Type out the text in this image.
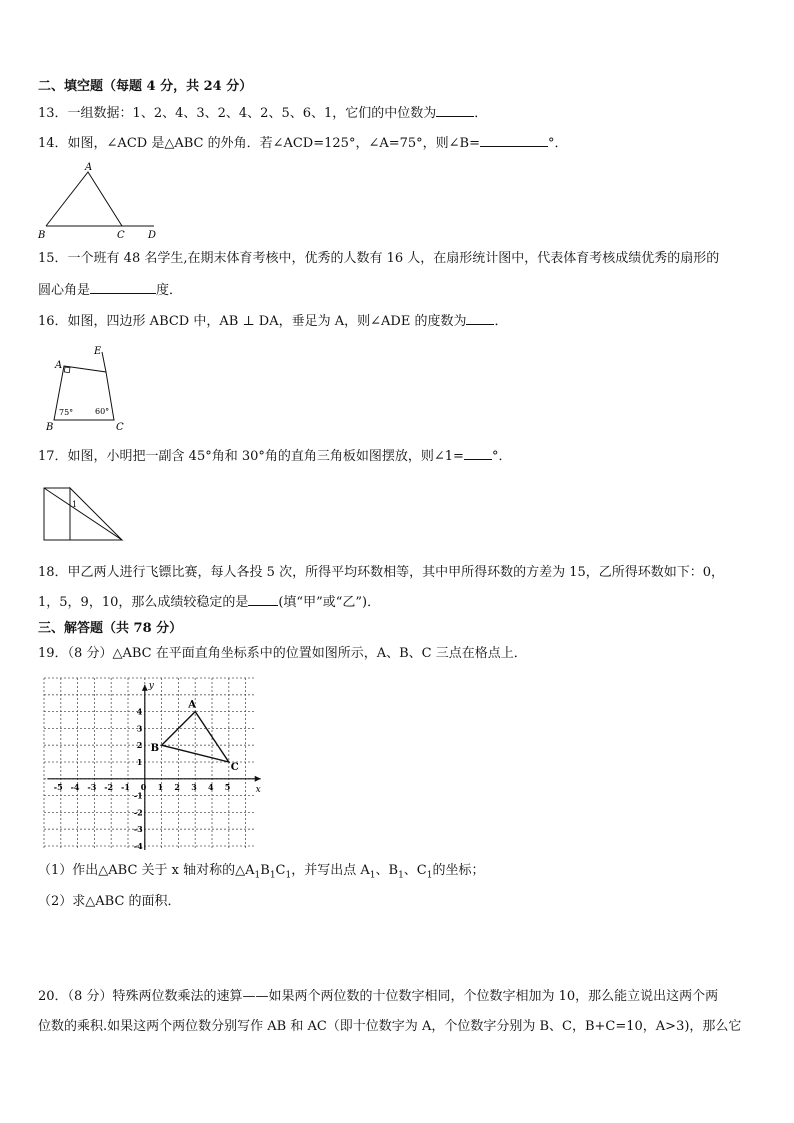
二、填空题（每题 4 分，共 24 分）
13．一组数据：1、2、4、3、2、4、2、5、6、1，它们的中位数为	．
14．如图，∠ACD 是△ABC 的外角．若∠ACD=125°，∠A=75°，则∠B=	°．
A
B	C D
15．一个班有 48 名学生,在期末体育考核中，优秀的人数有 16 人，在扇形统计图中，代表体育考核成绩优秀的扇形的
圆心角是	度．
16．如图，四边形 ABCD 中，AB ⊥ DA，垂足为 A，则∠ADE 的度数为 ．
A
E
B	C
75°	60°
17．如图，小明把一副含 45°角和 30°角的直角三角板如图摆放，则∠1= °．
1
18．甲乙两人进行飞镖比赛，每人各投 5 次，所得平均环数相等，其中甲所得环数的方差为 15，乙所得环数如下：0，
1，5，9，10，那么成绩较稳定的是 (填“甲”或“乙”)．
三、解答题（共 78 分）
19．（8 分）△ABC 在平面直角坐标系中的位置如图所示，A、B、C 三点在格点上．
x
y
-5 -4 -3 -2 -1 0 1 2 3 4 5
4
3
2
1
-1
-2
-3
-4
A
B
C
（1）作出△ABC 关于 x 轴对称的$\triangle A_1B_1C_1$，并写出点 $A_1$、$B_1$、$C_1$的坐标；
（2）求△ABC 的面积．
20．（8 分）特殊两位数乘法的速算——如果两个两位数的十位数字相同，个位数字相加为 10，那么能立说出这两个两
位数的乘积.如果这两个两位数分别写作 AB 和 AC（即十位数字为 A，个位数字分别为 B、C，B+C=10，A>3)，那么它
